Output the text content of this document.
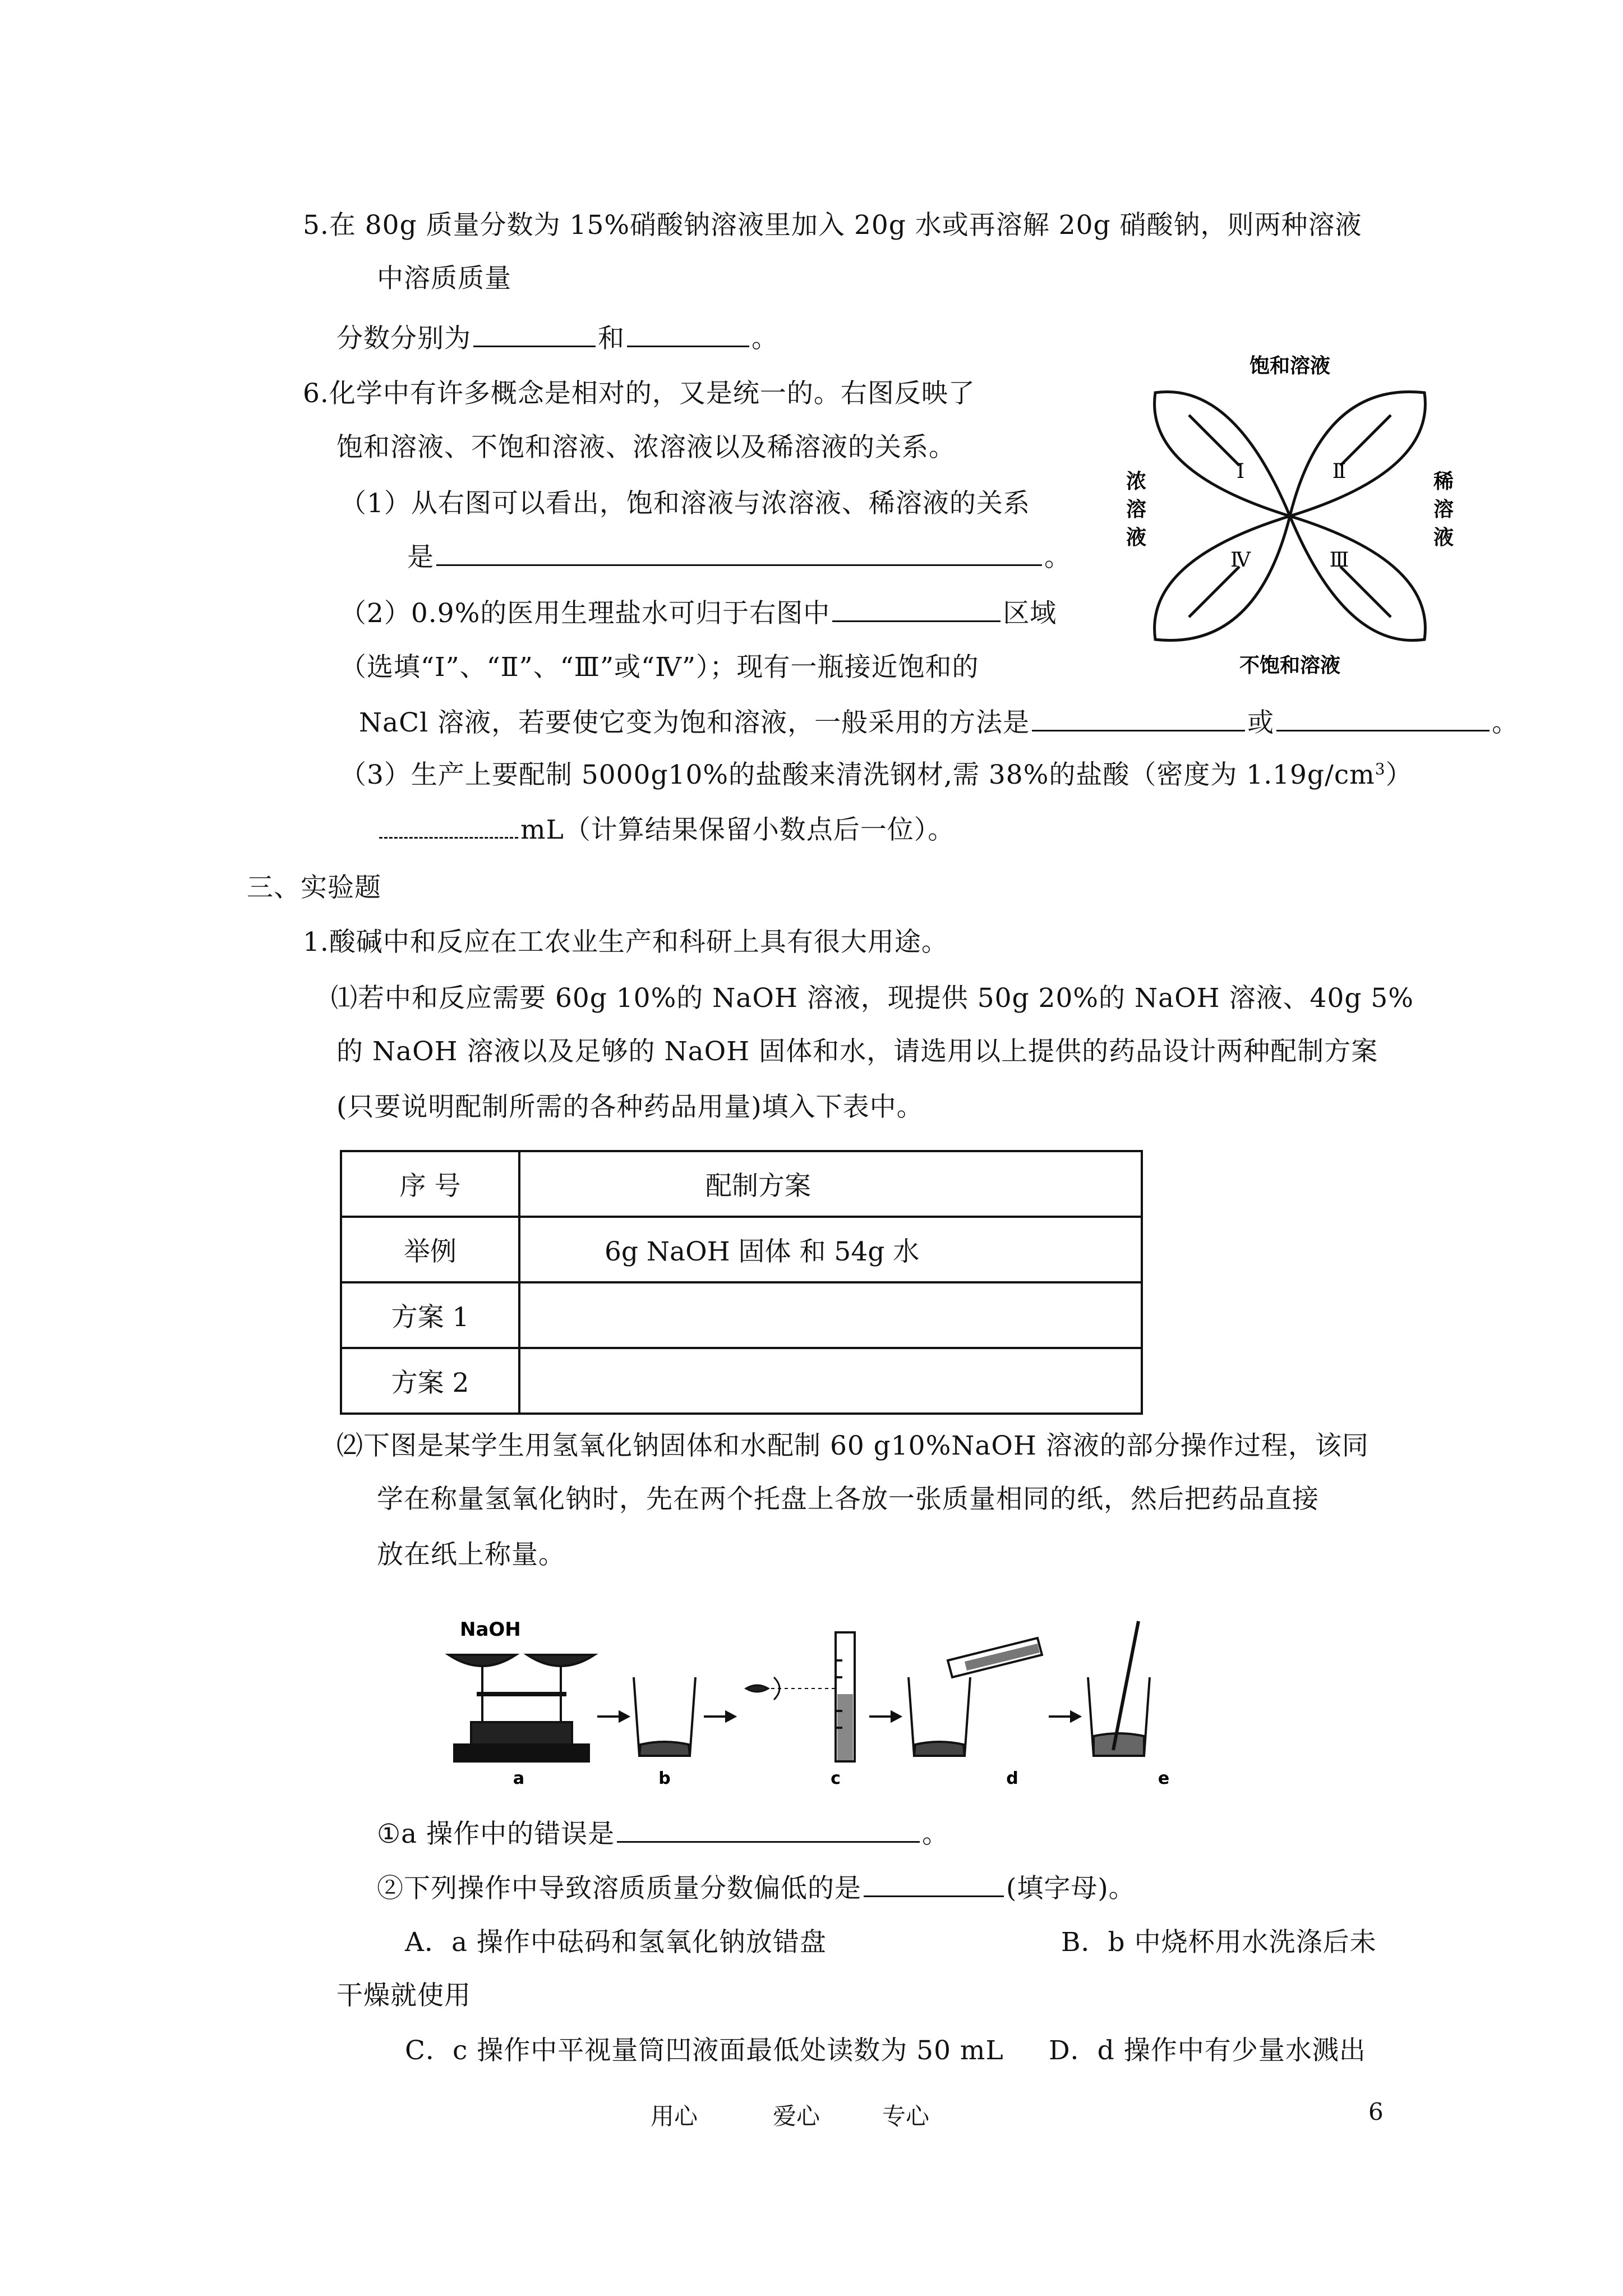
5.在 80g 质量分数为 15%硝酸钠溶液里加入 20g 水或再溶解 20g 硝酸钠，则两种溶液
中溶质质量
分数分别为	和	。
6.化学中有许多概念是相对的，又是统一的。右图反映了
饱和溶液、不饱和溶液、浓溶液以及稀溶液的关系。
（1）从右图可以看出，饱和溶液与浓溶液、稀溶液的关系
是	。
（2）0.9%的医用生理盐水可归于右图中	区域
（选填“Ⅰ”、“Ⅱ”、“Ⅲ”或“Ⅳ”）；现有一瓶接近饱和的
NaCl 溶液，若要使它变为饱和溶液，一般采用的方法是	或	。
（3）生产上要配制 5000g10%的盐酸来清洗钢材,需 38%的盐酸（密度为 $1.19g/cm^3$）
mL（计算结果保留小数点后一位）。
饱和溶液
不饱和溶液
浓
溶
液
稀
溶
液
Ⅰ	Ⅱ
Ⅲ
Ⅳ
三、实验题
1.酸碱中和反应在工农业生产和科研上具有很大用途。
⑴若中和反应需要 60g 10%的 NaOH 溶液，现提供 50g 20%的 NaOH 溶液、40g 5%
的 NaOH 溶液以及足够的 NaOH 固体和水，请选用以上提供的药品设计两种配制方案
(只要说明配制所需的各种药品用量)填入下表中。
序 号	配制方案
举例	6g NaOH 固体 和 54g 水
方案 1	
方案 2	
⑵下图是某学生用氢氧化钠固体和水配制 60 g10%NaOH 溶液的部分操作过程，该同
学在称量氢氧化钠时，先在两个托盘上各放一张质量相同的纸，然后把药品直接
放在纸上称量。
NaOH
a	b	c	d	e
①a 操作中的错误是	。
②下列操作中导致溶质质量分数偏低的是	(填字母)。
A．a 操作中砝码和氢氧化钠放错盘	B．b 中烧杯用水洗涤后未
干燥就使用
C．c 操作中平视量筒凹液面最低处读数为 50 mL D．d 操作中有少量水溅出
用心	爱心	专心	6
